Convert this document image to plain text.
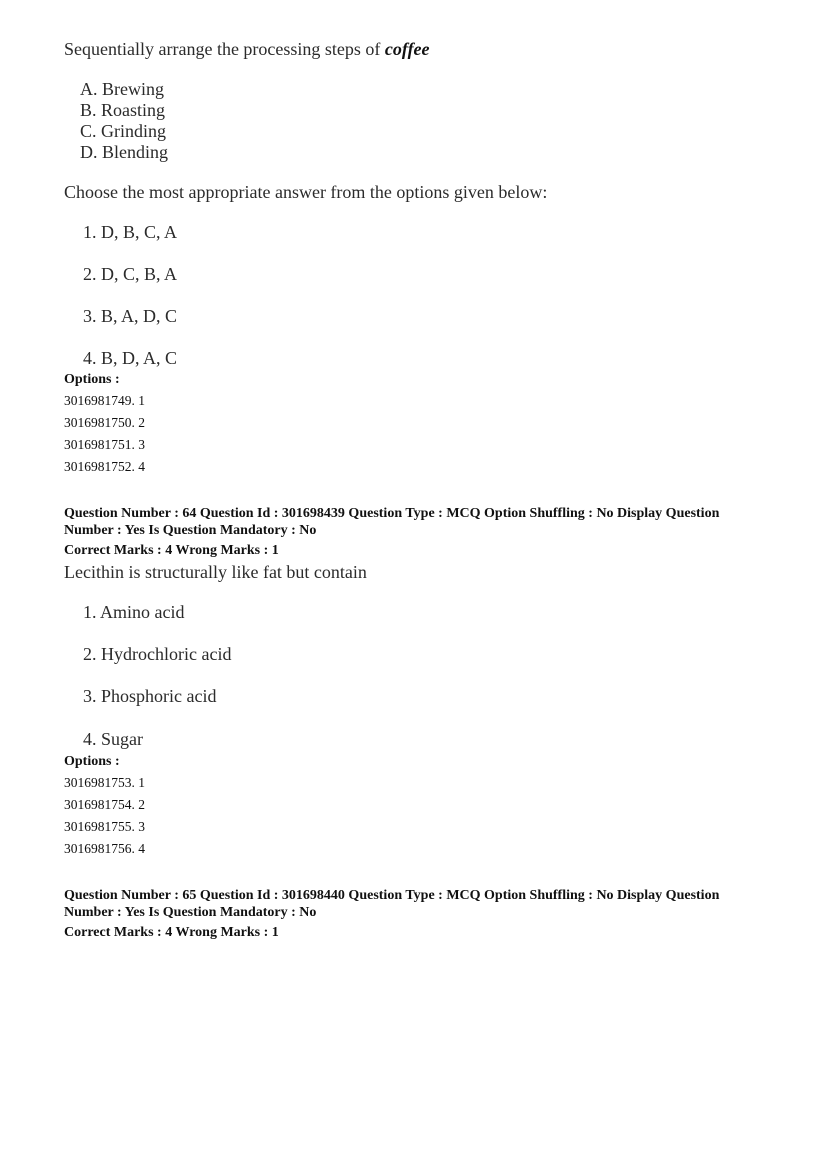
Sequentially arrange the processing steps of coffee
A. Brewing
B. Roasting
C. Grinding
D. Blending
Choose the most appropriate answer from the options given below:
1. D, B, C, A
2. D, C, B, A
3. B, A, D, C
4. B, D, A, C
Options :
3016981749. 1
3016981750. 2
3016981751. 3
3016981752. 4
Question Number : 64 Question Id : 301698439 Question Type : MCQ Option Shuffling : No Display Question
Number : Yes Is Question Mandatory : No
Correct Marks : 4 Wrong Marks : 1
Lecithin is structurally like fat but contain
1. Amino acid
2. Hydrochloric acid
3. Phosphoric acid
4. Sugar
Options :
3016981753. 1
3016981754. 2
3016981755. 3
3016981756. 4
Question Number : 65 Question Id : 301698440 Question Type : MCQ Option Shuffling : No Display Question
Number : Yes Is Question Mandatory : No
Correct Marks : 4 Wrong Marks : 1
